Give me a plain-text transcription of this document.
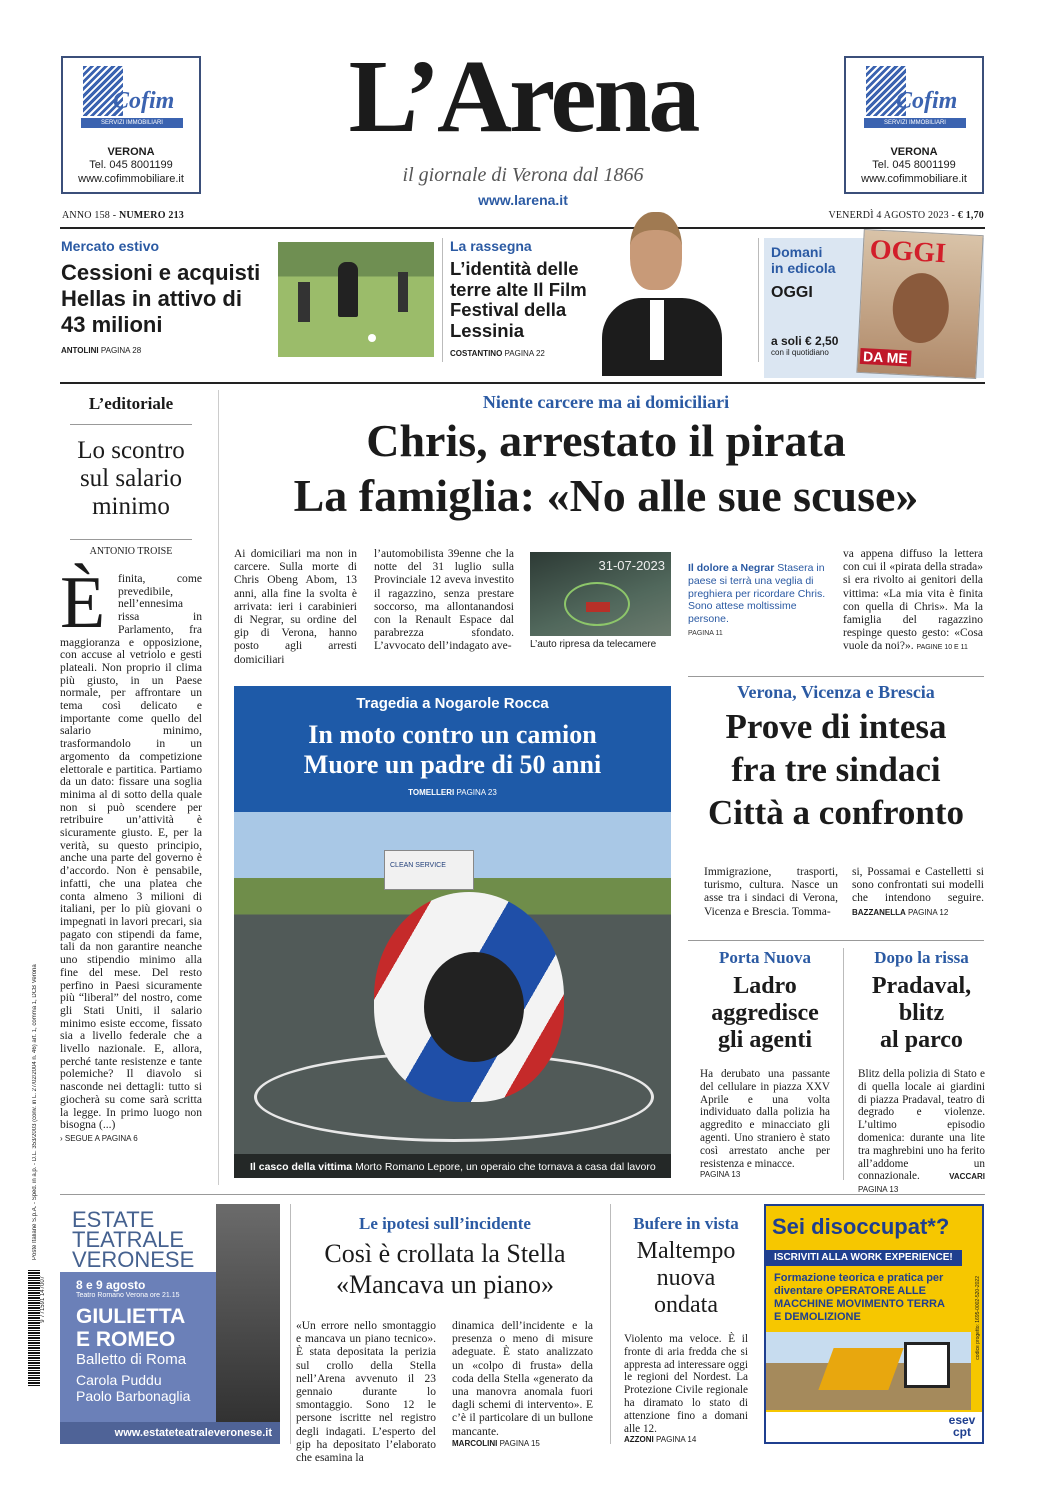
Cofim
SERVIZI IMMOBILIARI
VERONA
Tel. 045 8001199
www.cofimmobiliare.it
Cofim
SERVIZI IMMOBILIARI
VERONA
Tel. 045 8001199
www.cofimmobiliare.it
L’Arena
il giornale di Verona dal 1866
www.larena.it
ANNO 158 - NUMERO 213	VENERDÌ 4 AGOSTO 2023 - € 1,70
Mercato estivo
Cessioni e acquisti Hellas in attivo di 43 milioni
ANTOLINI PAGINA 28
La rassegna
L’identità delle terre alte Il Film Festival della Lessinia
COSTANTINO PAGINA 22
Domani
in edicola
OGGI
a soli € 2,50
con il quotidiano
OGGI
DA ME
L’editoriale
Lo scontro sul salario minimo
ANTONIO TROISE
È	finita, come prevedibile, nell’ennesima rissa in Parlamento, fra maggioranza e opposizione, con accuse al vetriolo e gesti plateali. Non proprio il clima più giusto, in un Paese normale, per affrontare un tema così delicato e importante come quello del salario minimo, trasformandolo in un argomento da competizione elettorale e partitica. Partiamo da un dato: fissare una soglia minima al di sotto della quale non si può scendere per retribuire un’attività è sicuramente giusto. E, per la verità, su questo principio, anche una parte del governo è d’accordo. Non è pensabile, infatti, che una platea che conta almeno 3 milioni di italiani, per lo più giovani o impegnati in lavori precari, sia pagato con stipendi da fame, tali da non garantire neanche uno stipendio minimo alla fine del mese. Del resto perfino in Paesi sicuramente più “liberal” del nostro, come gli Stati Uniti, il salario minimo esiste eccome, fissato sia a livello federale che a livello nazionale. E, allora, perché tante resistenze e tante polemiche? Il diavolo si nasconde nei dettagli: tutto si giocherà su come sarà scritta la legge. In primo luogo non bisogna (...)
› SEGUE A PAGINA 6
Niente carcere ma ai domiciliari
Chris, arrestato il pirata
La famiglia: «No alle sue scuse»
Ai domiciliari ma non in carcere. Sulla morte di Chris Obeng Abom, 13 anni, alla fine la svolta è arrivata: ieri i carabinieri di Negrar, su ordine del gip di Verona, hanno posto agli arresti domiciliari
l’automobilista 39enne che la notte del 31 luglio sulla Provinciale 12 aveva investito il ragazzino, senza prestare soccorso, ma allontanandosi con la Renault Espace dal parabrezza sfondato. L’avvocato dell’indagato ave-
31-07-2023
L’auto ripresa da telecamere
Il dolore a Negrar Stasera in paese si terrà una veglia di preghiera per ricordare Chris. Sono attese moltissime persone.
PAGINA 11
va appena diffuso la lettera con cui il «pirata della strada» si era rivolto ai genitori della vittima: «La mia vita è finita con quella di Chris». Ma la famiglia del ragazzino respinge questo gesto: «Cosa vuole da noi?». PAGINE 10 E 11
Tragedia a Nogarole Rocca
In moto contro un camion
Muore un padre di 50 anni
TOMELLERI PAGINA 23
CLEAN SERVICE
Il casco della vittima Morto Romano Lepore, un operaio che tornava a casa dal lavoro
Verona, Vicenza e Brescia
Prove di intesa
fra tre sindaci
Città a confronto
Immigrazione, trasporti, turismo, cultura. Nasce un asse tra i sindaci di Verona, Vicenza e Brescia. Tomma-
si, Possamai e Castelletti si sono confrontati sui modelli che intendono seguire. BAZZANELLA PAGINA 12
Porta Nuova
Ladro
aggredisce
gli agenti
Ha derubato una passante del cellulare in piazza XXV Aprile e una volta individuato dalla polizia ha aggredito e minacciato gli agenti. Uno straniero è stato così arrestato anche per resistenza e minacce.
PAGINA 13
Dopo la rissa
Pradaval,
blitz
al parco
Blitz della polizia di Stato e di quella locale ai giardini di piazza Pradaval, teatro di degrado e violenze. L’ultimo episodio domenica: durante una lite tra maghrebini uno ha ferito all’addome un connazionale.	VACCARI PAGINA 13
ESTATE
TEATRALE
VERONESE
8 e 9 agosto
Teatro Romano Verona ore 21.15
GIULIETTA
E ROMEO
Balletto di Roma
Carola Puddu
Paolo Barbonaglia
www.estateteatraleveronese.it
Le ipotesi sull’incidente
Così è crollata la Stella
«Mancava un piano»
«Un errore nello smontaggio e mancava un piano tecnico». È stata depositata la perizia sul crollo della Stella nell’Arena avvenuto il 23 gennaio durante lo smontaggio. Sono 12 le persone iscritte nel registro degli indagati. L’esperto del gip ha depositato l’elaborato che esamina la
dinamica dell’incidente e la presenza o meno di misure adeguate. È stato analizzato un «colpo di frusta» della coda della Stella «generato da una manovra anomala fuori dagli schemi di intervento». E c’è il particolare di un bullone mancante.
MARCOLINI PAGINA 15
Bufere in vista
Maltempo
nuova
ondata
Violento ma veloce. È il fronte di aria fredda che si appresta ad interessare oggi le regioni del Nordest. La Protezione Civile regionale ha diramato lo stato di attenzione fino a domani alle 12.
AZZONI PAGINA 14
Sei disoccupat*?
ISCRIVITI ALLA WORK EXPERIENCE!
Formazione teorica e pratica per diventare OPERATORE ALLE MACCHINE MOVIMENTO TERRA E DEMOLIZIONE
esev cpt
codice progetto: 1695-0002-520-2022
Poste Italiane S.p.A. - Sped. in a.p. - D.L. 353/2003 (conv. in L. 27/02/2004 n. 46) art. 1, comma 1, DCB Verona
9 771591 147007
